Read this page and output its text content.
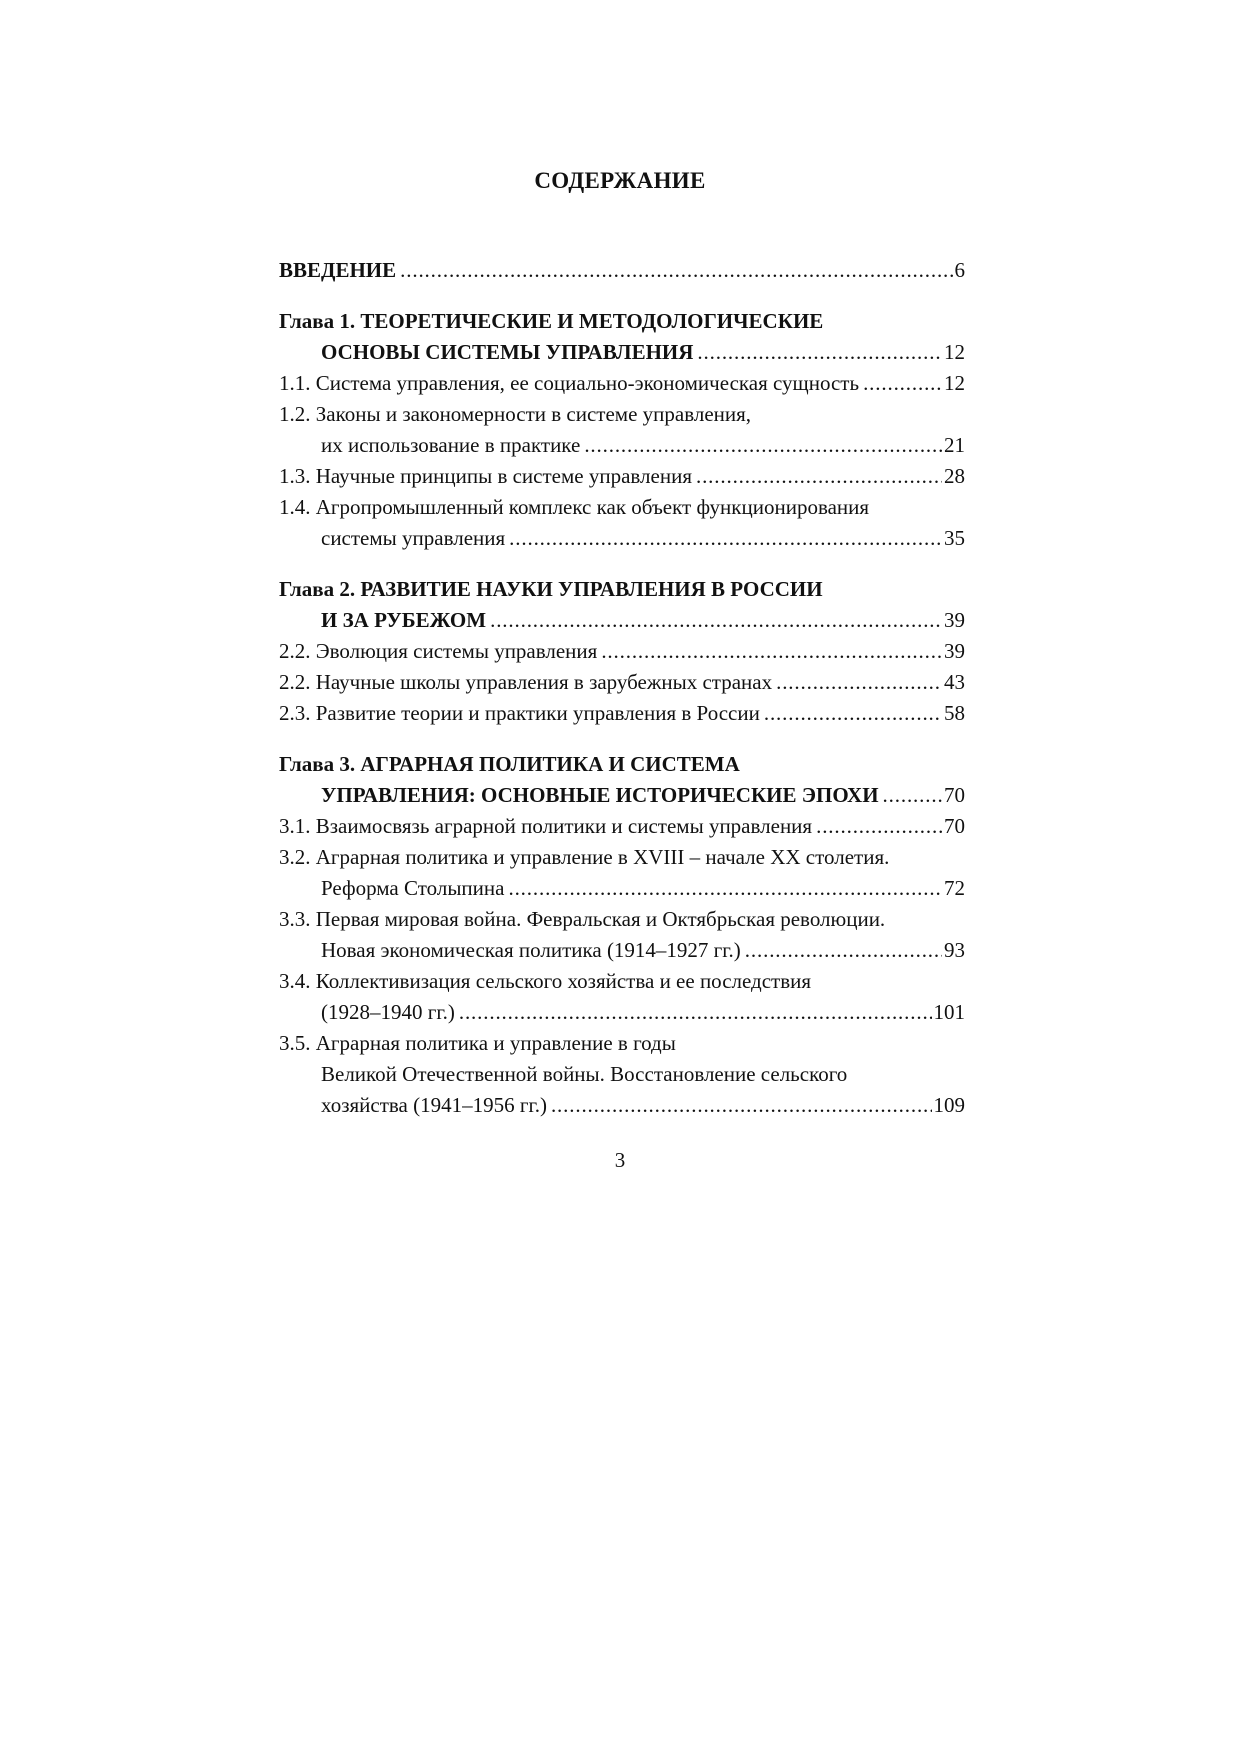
СОДЕРЖАНИЕ
ВВЕДЕНИЕ . . .	6
Глава 1. ТЕОРЕТИЧЕСКИЕ И МЕТОДОЛОГИЧЕСКИЕ
ОСНОВЫ СИСТЕМЫ УПРАВЛЕНИЯ . . .	12
1.1. Система управления, ее социально-экономическая сущность . . .	12
1.2. Законы и закономерности в системе управления,
их использование в практике . . .	21
1.3. Научные принципы в системе управления . . .	28
1.4. Агропромышленный комплекс как объект функционирования
системы управления . . .	35
Глава 2. РАЗВИТИЕ НАУКИ УПРАВЛЕНИЯ В РОССИИ
И ЗА РУБЕЖОМ . . .	39
2.2. Эволюция системы управления . . .	39
2.2. Научные школы управления в зарубежных странах . . .	43
2.3. Развитие теории и практики управления в России . . .	58
Глава 3. АГРАРНАЯ ПОЛИТИКА И СИСТЕМА
УПРАВЛЕНИЯ: ОСНОВНЫЕ ИСТОРИЧЕСКИЕ ЭПОХИ . . .	70
3.1. Взаимосвязь аграрной политики и системы управления . . .	70
3.2. Аграрная политика и управление в XVIII – начале XX столетия.
Реформа Столыпина . . .	72
3.3. Первая мировая война. Февральская и Октябрьская революции.
Новая экономическая политика (1914–1927 гг.) . . .	93
3.4. Коллективизация сельского хозяйства и ее последствия
(1928–1940 гг.) . . .	101
3.5. Аграрная политика и управление в годы
Великой Отечественной войны. Восстановление сельского
хозяйства (1941–1956 гг.) . . .	109
3
